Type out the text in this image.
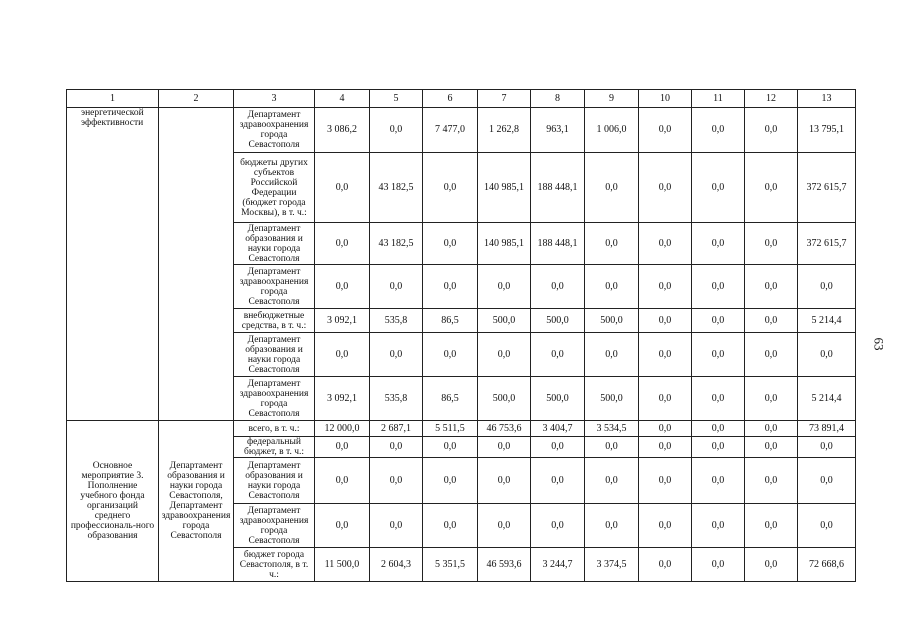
1	2	3	4	5	6	7	8	9	10	11	12	13
энергетической эффективности		Департамент здравоохранения города Севастополя	3 086,2	0,0	7 477,0	1 262,8	963,1	1 006,0	0,0	0,0	0,0	13 795,1
		бюджеты других субъектов Российской Федерации (бюджет города Москвы), в т. ч.:	0,0	43 182,5	0,0	140 985,1	188 448,1	0,0	0,0	0,0	0,0	372 615,7
		Департамент образования и науки города Севастополя	0,0	43 182,5	0,0	140 985,1	188 448,1	0,0	0,0	0,0	0,0	372 615,7
		Департамент здравоохранения города Севастополя	0,0	0,0	0,0	0,0	0,0	0,0	0,0	0,0	0,0	0,0
		внебюджетные средства, в т. ч.:	3 092,1	535,8	86,5	500,0	500,0	500,0	0,0	0,0	0,0	5 214,4
		Департамент образования и науки города Севастополя	0,0	0,0	0,0	0,0	0,0	0,0	0,0	0,0	0,0	0,0
		Департамент здравоохранения города Севастополя	3 092,1	535,8	86,5	500,0	500,0	500,0	0,0	0,0	0,0	5 214,4
Основное мероприятие 3. Пополнение учебного фонда организаций среднего профессиональ-ного образования	Департамент образования и науки города Севастополя, Департамент здравоохранения города Севастополя	всего, в т. ч.:	12 000,0	2 687,1	5 511,5	46 753,6	3 404,7	3 534,5	0,0	0,0	0,0	73 891,4
		федеральный бюджет, в т. ч.:	0,0	0,0	0,0	0,0	0,0	0,0	0,0	0,0	0,0	0,0
		Департамент образования и науки города Севастополя	0,0	0,0	0,0	0,0	0,0	0,0	0,0	0,0	0,0	0,0
		Департамент здравоохранения города Севастополя	0,0	0,0	0,0	0,0	0,0	0,0	0,0	0,0	0,0	0,0
		бюджет города Севастополя, в т. ч.:	11 500,0	2 604,3	5 351,5	46 593,6	3 244,7	3 374,5	0,0	0,0	0,0	72 668,6
63
